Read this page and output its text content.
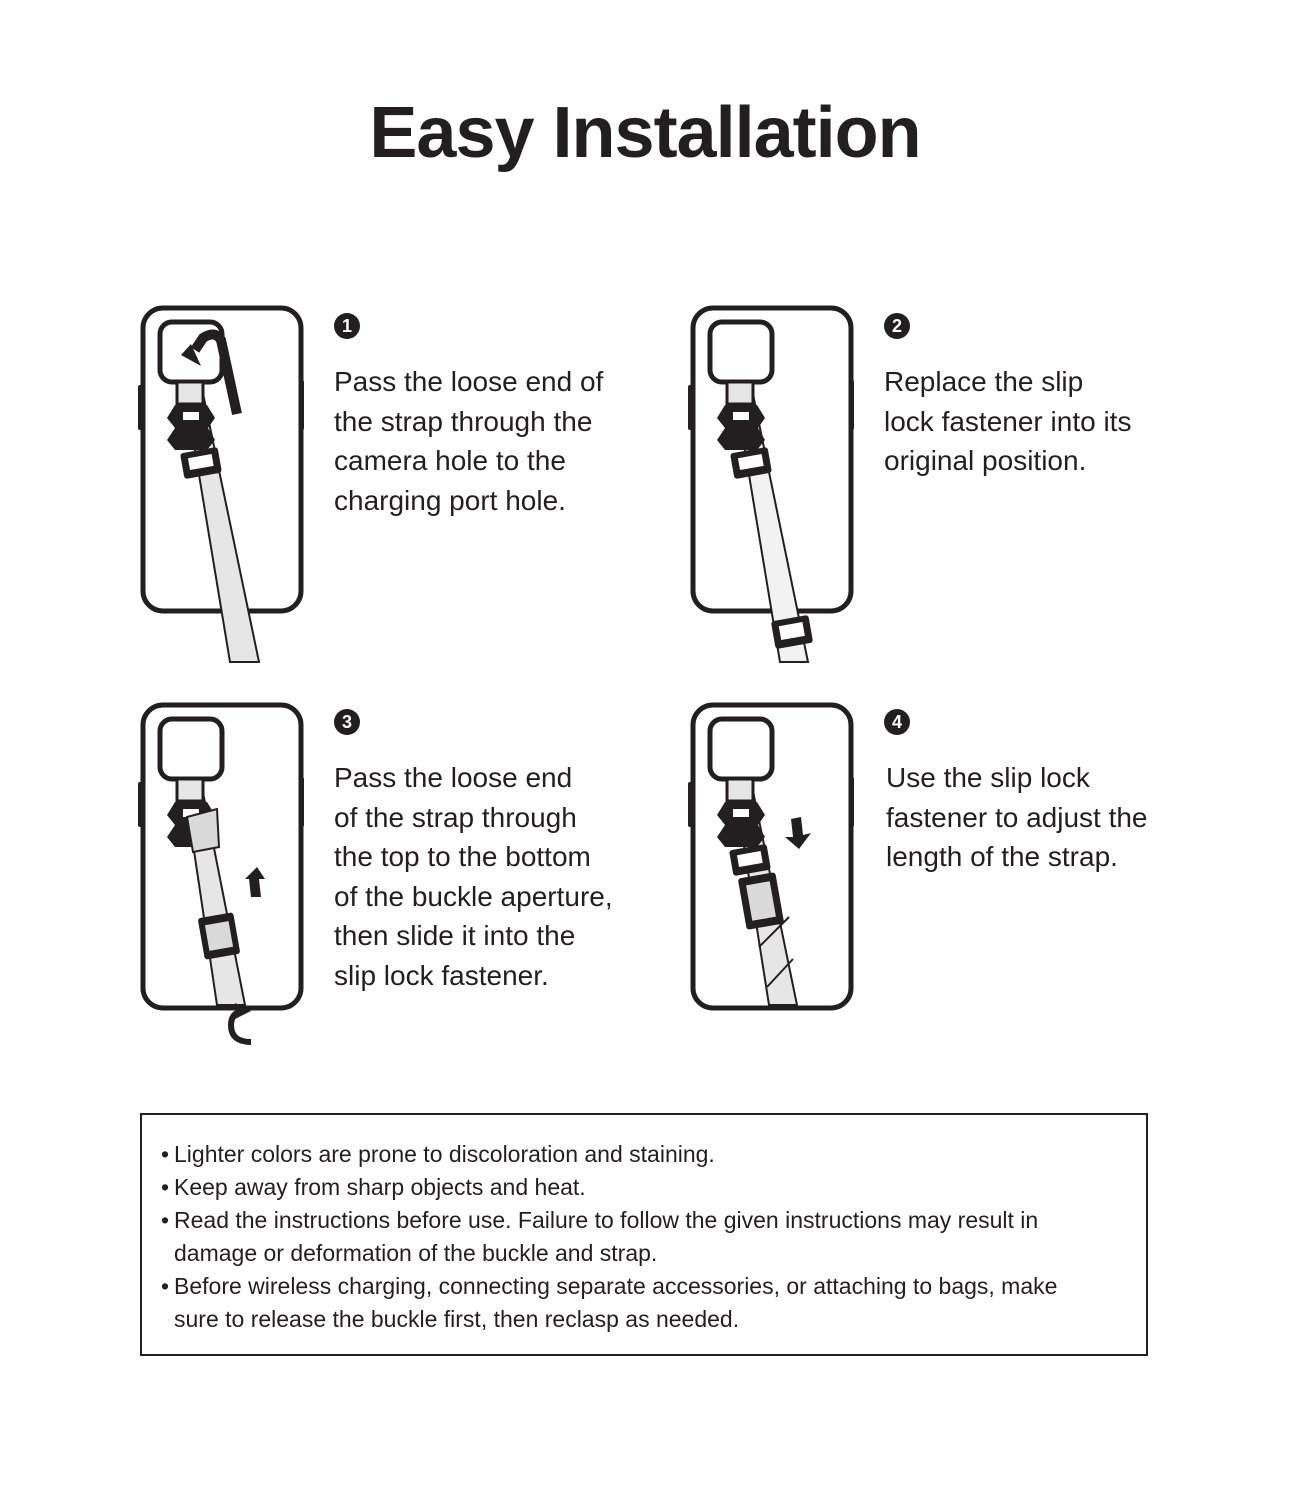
Easy Installation
1

Pass the loose end of
the strap through the
camera hole to the
charging port hole.

2

Replace the slip
lock fastener into its
original position.

3

Pass the loose end
of the strap through
the top to the bottom
of the buckle aperture,
then slide it into the
slip lock fastener.

4

Use the slip lock
fastener to adjust the
length of the strap.

• Lighter colors are prone to discoloration and staining.
• Keep away from sharp objects and heat.
• Read the instructions before use. Failure to follow the given instructions may result in damage or deformation of the buckle and strap.
• Before wireless charging, connecting separate accessories, or attaching to bags, make sure to release the buckle first, then reclasp as needed.
